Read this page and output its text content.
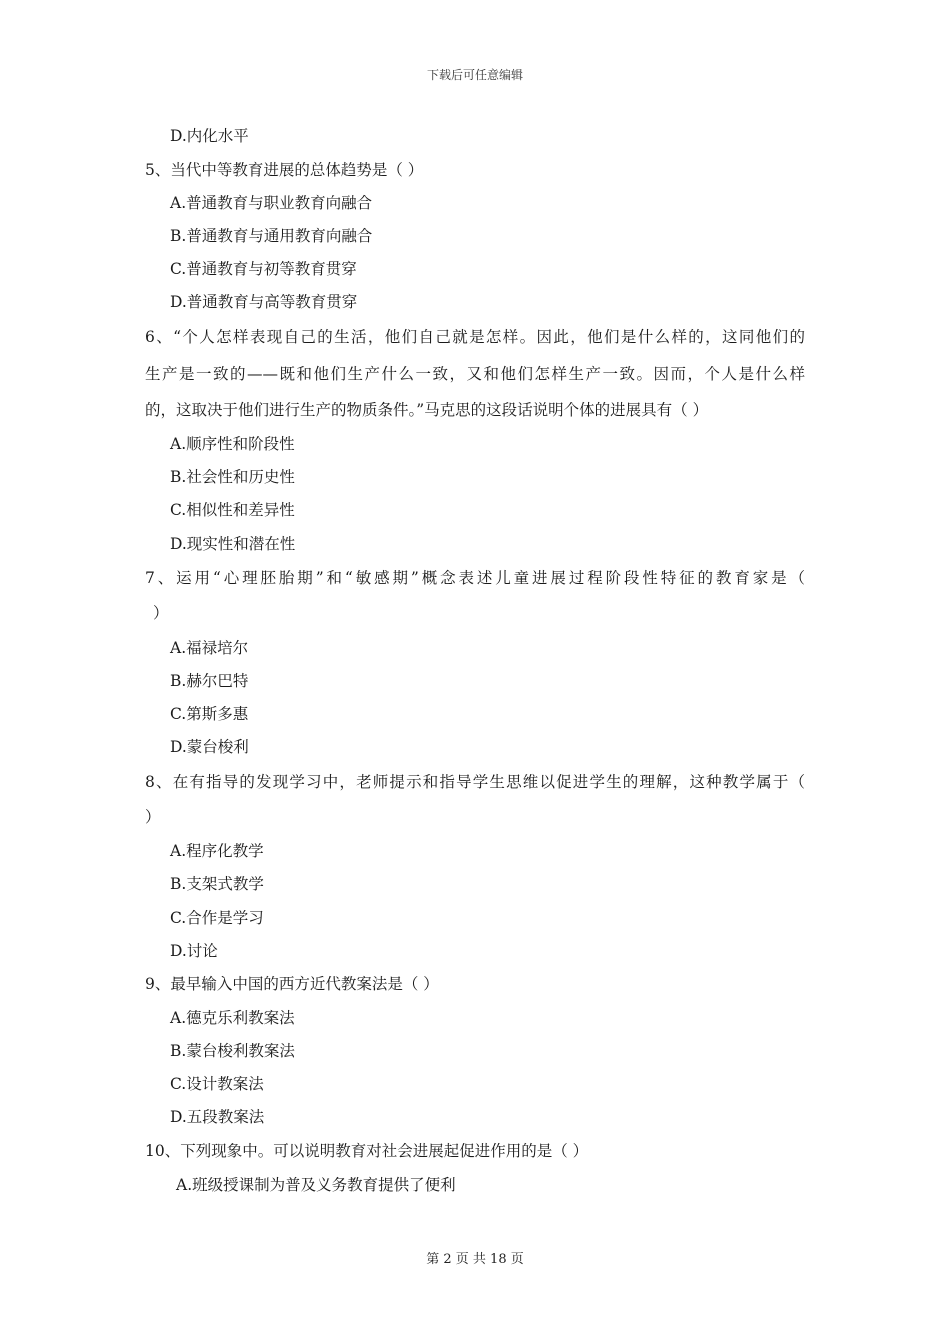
下载后可任意编辑
D.内化水平
5、当代中等教育进展的总体趋势是（ ）
A.普通教育与职业教育向融合
B.普通教育与通用教育向融合
C.普通教育与初等教育贯穿
D.普通教育与高等教育贯穿
6、“个人怎样表现自己的生活，他们自己就是怎样。因此，他们是什么样的，这同他们的
生产是一致的——既和他们生产什么一致，又和他们怎样生产一致。因而，个人是什么样
的，这取决于他们进行生产的物质条件。”马克思的这段话说明个体的进展具有（ ）
A.顺序性和阶段性
B.社会性和历史性
C.相似性和差异性
D.现实性和潜在性
7、运用“心理胚胎期”和“敏感期”概念表述儿童进展过程阶段性特征的教育家是（
）
A.福禄培尔
B.赫尔巴特
C.第斯多惠
D.蒙台梭利
8、在有指导的发现学习中，老师提示和指导学生思维以促进学生的理解，这种教学属于（
）
A.程序化教学
B.支架式教学
C.合作是学习
D.讨论
9、最早输入中国的西方近代教案法是（ ）
A.德克乐利教案法
B.蒙台梭利教案法
C.设计教案法
D.五段教案法
10、下列现象中。可以说明教育对社会进展起促进作用的是（ ）
A.班级授课制为普及义务教育提供了便利
第 2 页 共 18 页
